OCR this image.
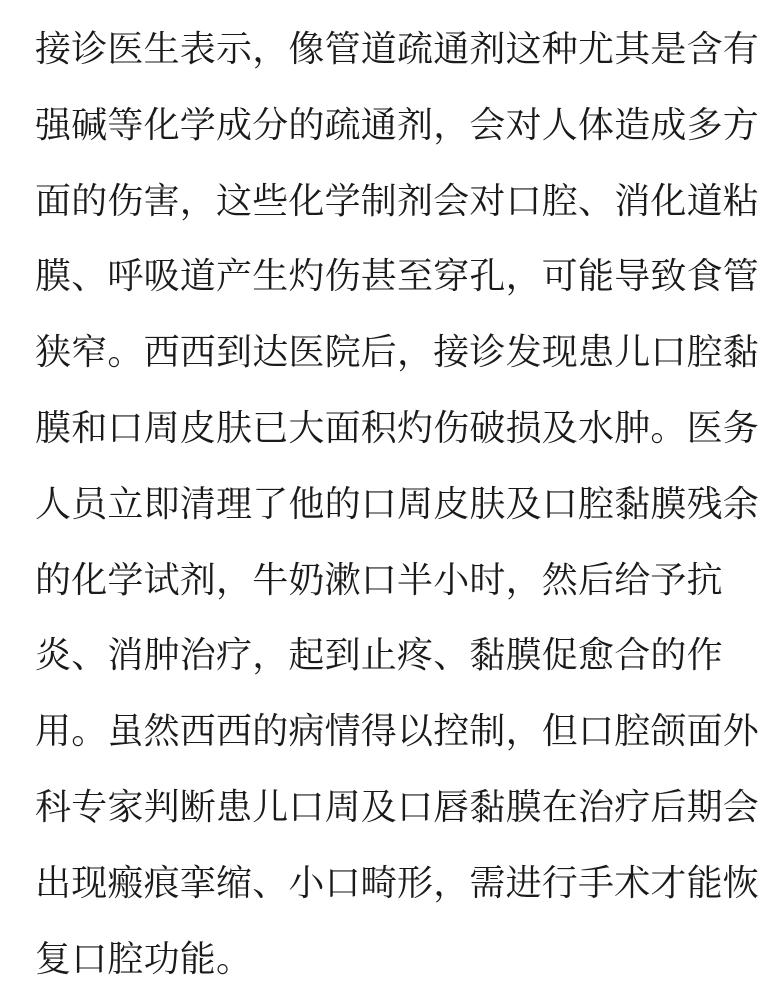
接诊医生表示，像管道疏通剂这种尤其是含有
强碱等化学成分的疏通剂，会对人体造成多方
面的伤害，这些化学制剂会对口腔、消化道粘
膜、呼吸道产生灼伤甚至穿孔，可能导致食管
狭窄。西西到达医院后，接诊发现患儿口腔黏
膜和口周皮肤已大面积灼伤破损及水肿。医务
人员立即清理了他的口周皮肤及口腔黏膜残余
的化学试剂，牛奶漱口半小时，然后给予抗
炎、消肿治疗，起到止疼、黏膜促愈合的作
用。虽然西西的病情得以控制，但口腔颌面外
科专家判断患儿口周及口唇黏膜在治疗后期会
出现瘢痕挛缩、小口畸形，需进行手术才能恢
复口腔功能。
